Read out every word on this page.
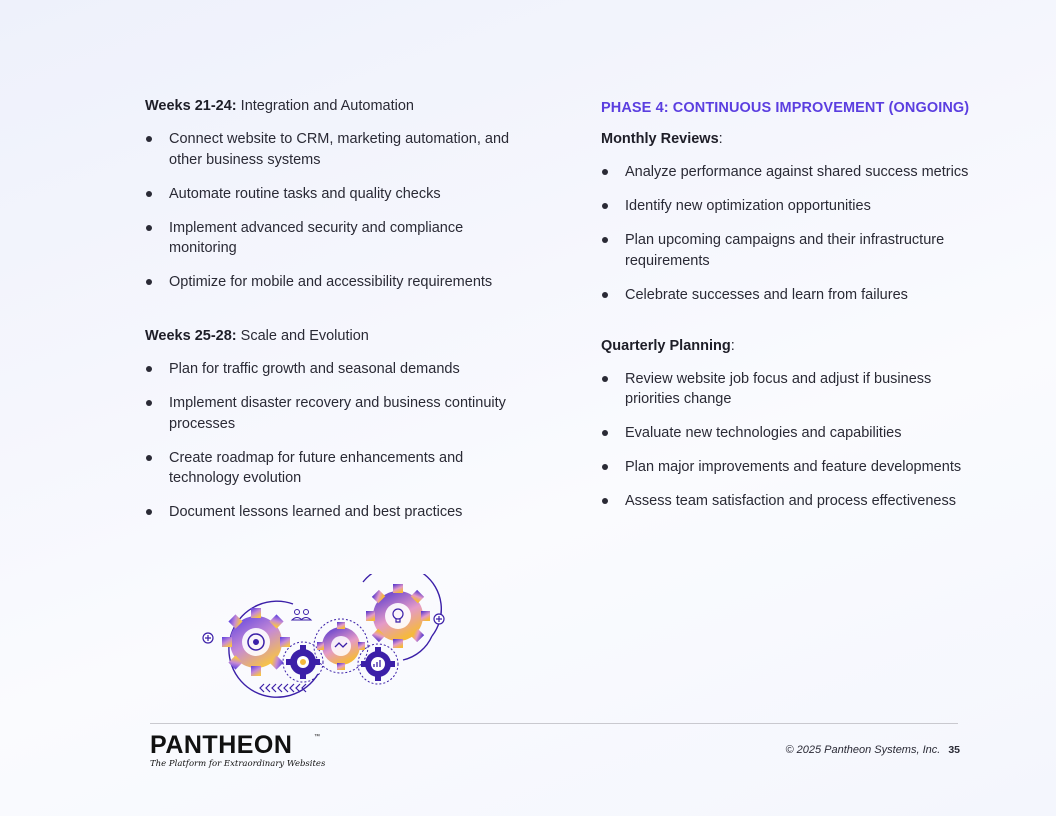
Weeks 21-24: Integration and Automation
Connect website to CRM, marketing automation, and other business systems
Automate routine tasks and quality checks
Implement advanced security and compliance monitoring
Optimize for mobile and accessibility requirements
Weeks 25-28: Scale and Evolution
Plan for traffic growth and seasonal demands
Implement disaster recovery and business continuity processes
Create roadmap for future enhancements and technology evolution
Document lessons learned and best practices
PHASE 4: CONTINUOUS IMPROVEMENT (ONGOING)
Monthly Reviews:
Analyze performance against shared success metrics
Identify new optimization opportunities
Plan upcoming campaigns and their infrastructure requirements
Celebrate successes and learn from failures
Quarterly Planning:
Review website job focus and adjust if business priorities change
Evaluate new technologies and capabilities
Plan major improvements and feature developments
Assess team satisfaction and process effectiveness
PANTHEON	™
The Platform for Extraordinary Websites
© 2025 Pantheon Systems, Inc. 35
